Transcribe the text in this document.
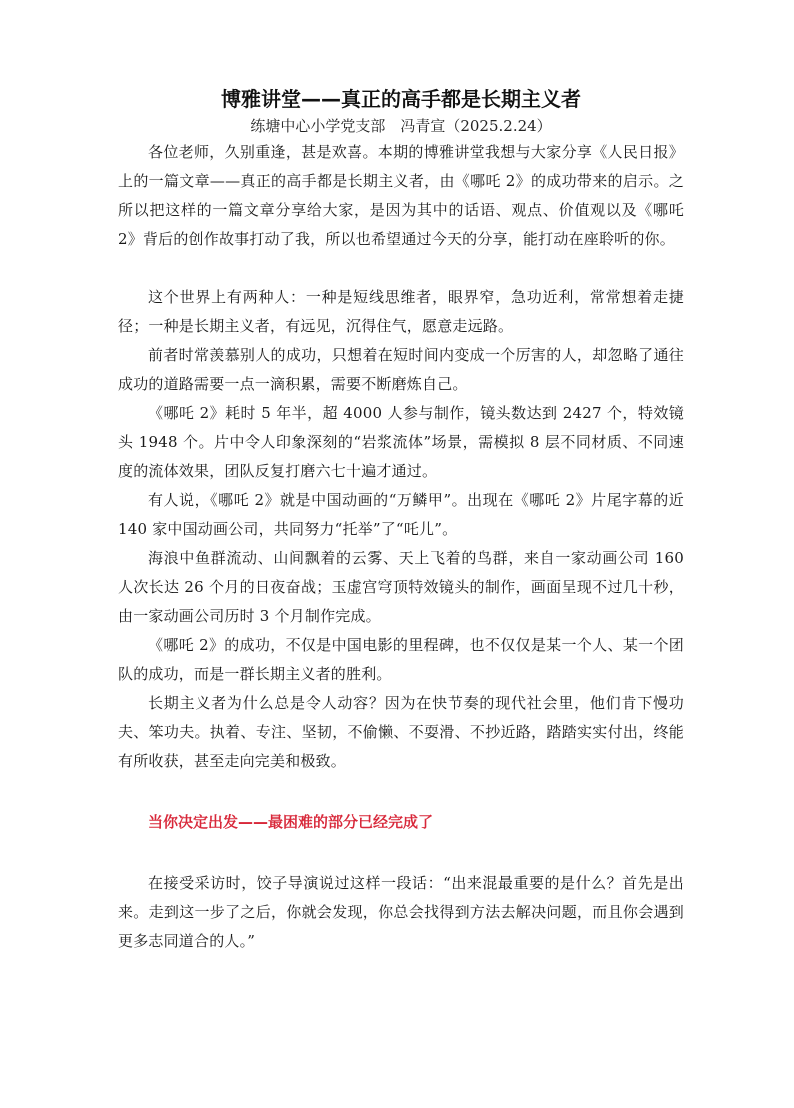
博雅讲堂——真正的高手都是长期主义者

练塘中心小学党支部　冯青宣（2025.2.24）

各位老师，久别重逢，甚是欢喜。本期的博雅讲堂我想与大家分享《人民日报》上的一篇文章——真正的高手都是长期主义者，由《哪吒 2》的成功带来的启示。之所以把这样的一篇文章分享给大家，是因为其中的话语、观点、价值观以及《哪吒 2》背后的创作故事打动了我，所以也希望通过今天的分享，能打动在座聆听的你。

这个世界上有两种人：一种是短线思维者，眼界窄，急功近利，常常想着走捷径；一种是长期主义者，有远见，沉得住气，愿意走远路。

前者时常羡慕别人的成功，只想着在短时间内变成一个厉害的人，却忽略了通往成功的道路需要一点一滴积累，需要不断磨炼自己。

《哪吒 2》耗时 5 年半，超 4000 人参与制作，镜头数达到 2427 个，特效镜头 1948 个。片中令人印象深刻的“岩浆流体”场景，需模拟 8 层不同材质、不同速度的流体效果，团队反复打磨六七十遍才通过。

有人说，《哪吒 2》就是中国动画的“万鳞甲”。出现在《哪吒 2》片尾字幕的近 140 家中国动画公司，共同努力“托举”了“吒儿”。

海浪中鱼群流动、山间飘着的云雾、天上飞着的鸟群，来自一家动画公司 160 人次长达 26 个月的日夜奋战；玉虚宫穹顶特效镜头的制作，画面呈现不过几十秒，由一家动画公司历时 3 个月制作完成。

《哪吒 2》的成功，不仅是中国电影的里程碑，也不仅仅是某一个人、某一个团队的成功，而是一群长期主义者的胜利。

长期主义者为什么总是令人动容？因为在快节奏的现代社会里，他们肯下慢功夫、笨功夫。执着、专注、坚韧，不偷懒、不耍滑、不抄近路，踏踏实实付出，终能有所收获，甚至走向完美和极致。

当你决定出发——最困难的部分已经完成了

在接受采访时，饺子导演说过这样一段话：“出来混最重要的是什么？首先是出来。走到这一步了之后，你就会发现，你总会找得到方法去解决问题，而且你会遇到更多志同道合的人。”
